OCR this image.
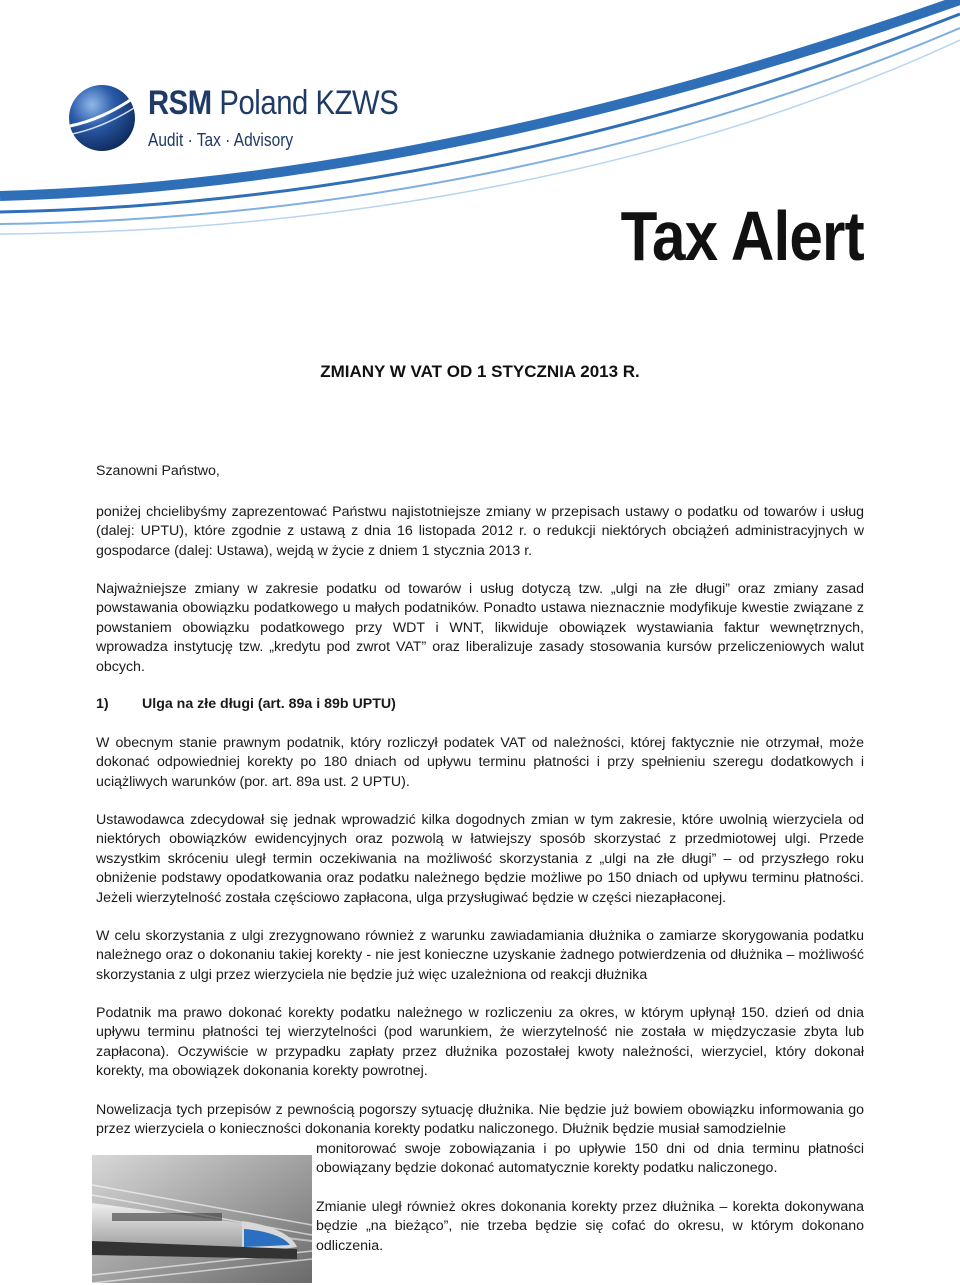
RSM Poland KZWS
Audit · Tax · Advisory
Tax Alert
ZMIANY W VAT OD 1 STYCZNIA 2013 R.

Szanowni Państwo,

poniżej chcielibyśmy zaprezentować Państwu najistotniejsze zmiany w przepisach ustawy o podatku od towarów i usług (dalej: UPTU), które zgodnie z ustawą z dnia 16 listopada 2012 r. o redukcji niektórych obciążeń administracyjnych w gospodarce (dalej: Ustawa), wejdą w życie z dniem 1 stycznia 2013 r.

Najważniejsze zmiany w zakresie podatku od towarów i usług dotyczą tzw. „ulgi na złe długi” oraz zmiany zasad powstawania obowiązku podatkowego u małych podatników. Ponadto ustawa nieznacznie modyfikuje kwestie związane z powstaniem obowiązku podatkowego przy WDT i WNT, likwiduje obowiązek wystawiania faktur wewnętrznych, wprowadza instytucję tzw. „kredytu pod zwrot VAT” oraz liberalizuje zasady stosowania kursów przeliczeniowych walut obcych.

1) Ulga na złe długi (art. 89a i 89b UPTU)

W obecnym stanie prawnym podatnik, który rozliczył podatek VAT od należności, której faktycznie nie otrzymał, może dokonać odpowiedniej korekty po 180 dniach od upływu terminu płatności i przy spełnieniu szeregu dodatkowych i uciążliwych warunków (por. art. 89a ust. 2 UPTU).

Ustawodawca zdecydował się jednak wprowadzić kilka dogodnych zmian w tym zakresie, które uwolnią wierzyciela od niektórych obowiązków ewidencyjnych oraz pozwolą w łatwiejszy sposób skorzystać z przedmiotowej ulgi. Przede wszystkim skróceniu uległ termin oczekiwania na możliwość skorzystania z „ulgi na złe długi” – od przyszłego roku obniżenie podstawy opodatkowania oraz podatku należnego będzie możliwe po 150 dniach od upływu terminu płatności. Jeżeli wierzytelność została częściowo zapłacona, ulga przysługiwać będzie w części niezapłaconej.

W celu skorzystania z ulgi zrezygnowano również z warunku zawiadamiania dłużnika o zamiarze skorygowania podatku należnego oraz o dokonaniu takiej korekty - nie jest konieczne uzyskanie żadnego potwierdzenia od dłużnika – możliwość skorzystania z ulgi przez wierzyciela nie będzie już więc uzależniona od reakcji dłużnika

Podatnik ma prawo dokonać korekty podatku należnego w rozliczeniu za okres, w którym upłynął 150. dzień od dnia upływu terminu płatności tej wierzytelności (pod warunkiem, że wierzytelność nie została w międzyczasie zbyta lub zapłacona). Oczywiście w przypadku zapłaty przez dłużnika pozostałej kwoty należności, wierzyciel, który dokonał korekty, ma obowiązek dokonania korekty powrotnej.

Nowelizacja tych przepisów z pewnością pogorszy sytuację dłużnika. Nie będzie już bowiem obowiązku informowania go przez wierzyciela o konieczności dokonania korekty podatku naliczonego. Dłużnik będzie musiał samodzielnie

monitorować swoje zobowiązania i po upływie 150 dni od dnia terminu płatności obowiązany będzie dokonać automatycznie korekty podatku naliczonego.

Zmianie uległ również okres dokonania korekty przez dłużnika – korekta dokonywana będzie „na bieżąco”, nie trzeba będzie się cofać do okresu, w którym dokonano odliczenia.
